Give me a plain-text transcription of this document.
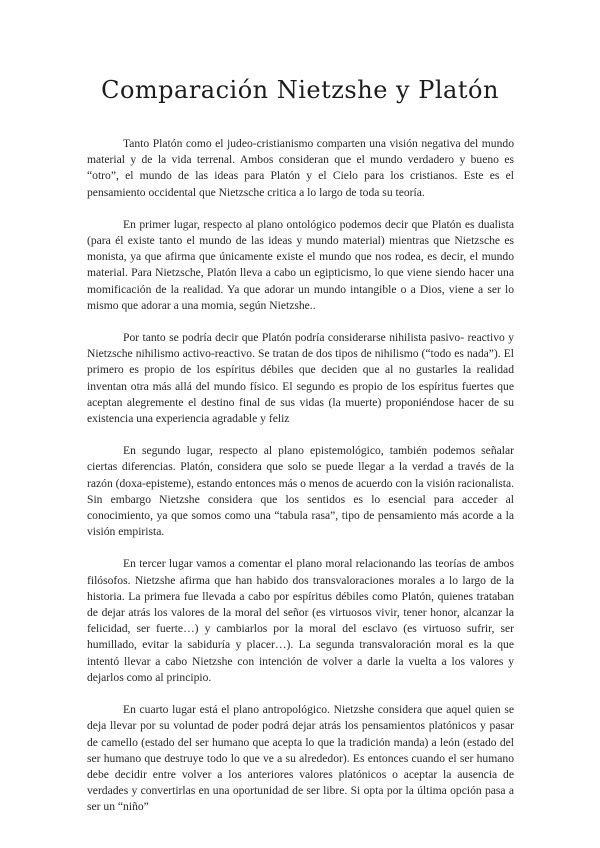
Comparación Nietzshe y Platón

Tanto Platón como el judeo-cristianismo comparten una visión negativa del mundo material y de la vida terrenal. Ambos consideran que el mundo verdadero y bueno es “otro”, el mundo de las ideas para Platón y el Cielo para los cristianos. Este es el pensamiento occidental que Nietzsche critica a lo largo de toda su teoría.

En primer lugar, respecto al plano ontológico podemos decir que Platón es dualista (para él existe tanto el mundo de las ideas y mundo material) mientras que Nietzsche es monista, ya que afirma que únicamente existe el mundo que nos rodea, es decir, el mundo material. Para Nietzsche, Platón lleva a cabo un egipticismo, lo que viene siendo hacer una momificación de la realidad. Ya que adorar un mundo intangible o a Dios, viene a ser lo mismo que adorar a una momia, según Nietzshe..

Por tanto se podría decir que Platón podría considerarse nihilista pasivo- reactivo y Nietzsche nihilismo activo-reactivo. Se tratan de dos tipos de nihilismo (“todo es nada”). El primero es propio de los espíritus débiles que deciden que al no gustarles la realidad inventan otra más allá del mundo físico. El segundo es propio de los espíritus fuertes que aceptan alegremente el destino final de sus vidas (la muerte) proponiéndose hacer de su existencia una experiencia agradable y feliz

En segundo lugar, respecto al plano epistemológico, también podemos señalar ciertas diferencias. Platón, considera que solo se puede llegar a la verdad a través de la razón (doxa-episteme), estando entonces más o menos de acuerdo con la visión racionalista. Sin embargo Nietzshe considera que los sentidos es lo esencial para acceder al conocimiento, ya que somos como una “tabula rasa”, tipo de pensamiento más acorde a la visión empirista.

En tercer lugar vamos a comentar el plano moral relacionando las teorías de ambos filósofos. Nietzshe afirma que han habido dos transvaloraciones morales a lo largo de la historia. La primera fue llevada a cabo por espíritus débiles como Platón, quienes trataban de dejar atrás los valores de la moral del señor (es virtuosos vivir, tener honor, alcanzar la felicidad, ser fuerte…) y cambiarlos por la moral del esclavo (es virtuoso sufrir, ser humillado, evitar la sabiduría y placer…). La segunda transvaloración moral es la que intentó llevar a cabo Nietzshe con intención de volver a darle la vuelta a los valores y dejarlos como al principio.

En cuarto lugar está el plano antropológico. Nietzshe considera que aquel quien se deja llevar por su voluntad de poder podrá dejar atrás los pensamientos platónicos y pasar de camello (estado del ser humano que acepta lo que la tradición manda) a león (estado del ser humano que destruye todo lo que ve a su alrededor). Es entonces cuando el ser humano debe decidir entre volver a los anteriores valores platónicos o aceptar la ausencia de verdades y convertirlas en una oportunidad de ser libre. Si opta por la última opción pasa a ser un “niño”
